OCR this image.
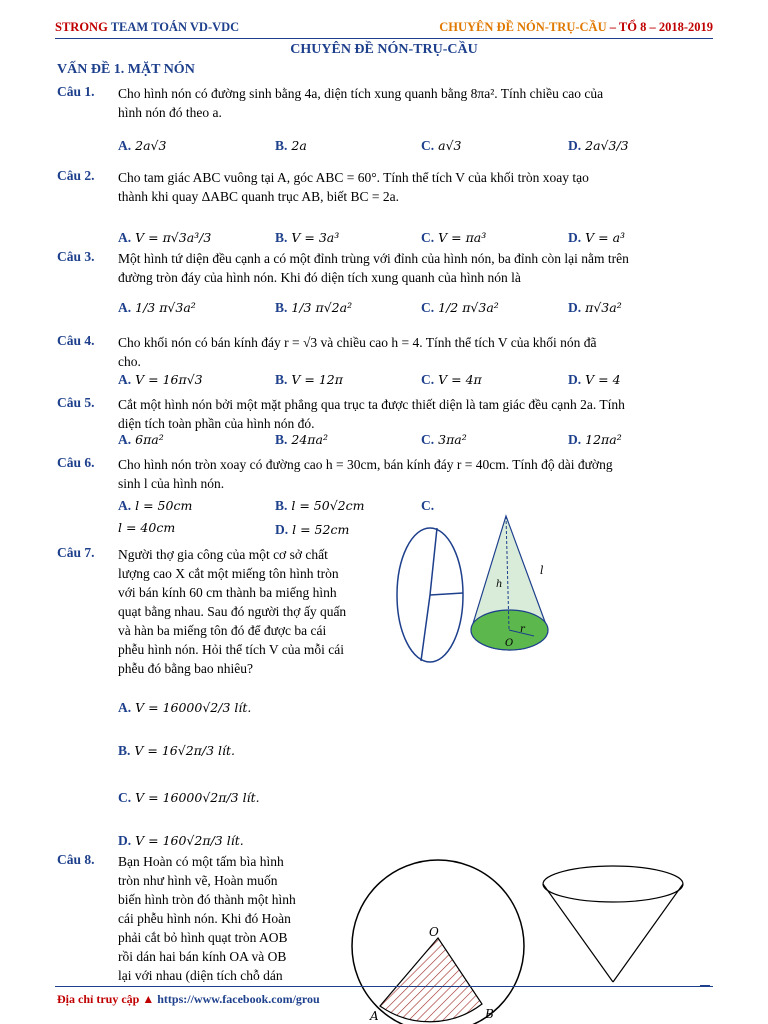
STRONG TEAM TOÁN VD-VDC	CHUYÊN ĐỀ NÓN-TRỤ-CẦU – TỔ 8 – 2018-2019
CHUYÊN ĐỀ NÓN-TRỤ-CẦU
VẤN ĐỀ 1. MẶT NÓN
Câu 1. Cho hình nón có đường sinh bằng 4a, diện tích xung quanh bằng 8πa². Tính chiều cao của
hình nón đó theo a.
A. 2a√3	B. 2a	C. a√3	D. 2a√3/3
Câu 2. Cho tam giác ABC vuông tại A, góc ABC = 60°. Tính thể tích V của khối tròn xoay tạo
thành khi quay ΔABC quanh trục AB, biết BC = 2a.
A. V = π√3a³/3	B. V = 3a³	C. V = πa³	D. V = a³
Câu 3. Một hình tứ diện đều cạnh a có một đỉnh trùng với đỉnh của hình nón, ba đỉnh còn lại nằm trên
đường tròn đáy của hình nón. Khi đó diện tích xung quanh của hình nón là
A. 1/3 π√3a²	B. 1/3 π√2a²	C. 1/2 π√3a²	D. π√3a²
Câu 4. Cho khối nón có bán kính đáy r = √3 và chiều cao h = 4. Tính thể tích V của khối nón đã
cho.
A. V = 16π√3	B. V = 12π	C. V = 4π	D. V = 4
Câu 5. Cắt một hình nón bởi một mặt phẳng qua trục ta được thiết diện là tam giác đều cạnh 2a. Tính
diện tích toàn phần của hình nón đó.
A. 6πa²	B. 24πa²	C. 3πa²	D. 12πa²
Câu 6. Cho hình nón tròn xoay có đường cao h = 30cm, bán kính đáy r = 40cm. Tính độ dài đường
sinh l của hình nón.
A. l = 50cm	B. l = 50√2cm	C.
l = 40cm	D. l = 52cm
Câu 7. Người thợ gia công của một cơ sở chất
lượng cao X cắt một miếng tôn hình tròn
với bán kính 60 cm thành ba miếng hình
quạt bằng nhau. Sau đó người thợ ấy quấn
và hàn ba miếng tôn đó để được ba cái
phễu hình nón. Hỏi thể tích V của mỗi cái
phễu đó bằng bao nhiêu?
A. V = 16000√2/3 lít.
B. V = 16√2π/3 lít.
C. V = 16000√2π/3 lít.
D. V = 160√2π/3 lít.
h
l
r
O
Câu 8. Bạn Hoàn có một tấm bìa hình
tròn như hình vẽ, Hoàn muốn
biến hình tròn đó thành một hình
cái phễu hình nón. Khi đó Hoàn
phải cắt bỏ hình quạt tròn AOB
rồi dán hai bán kính OA và OB
lại với nhau (diện tích chỗ dán
O
A	B
Địa chỉ truy cập ▲ https://www.facebook.com/grou
